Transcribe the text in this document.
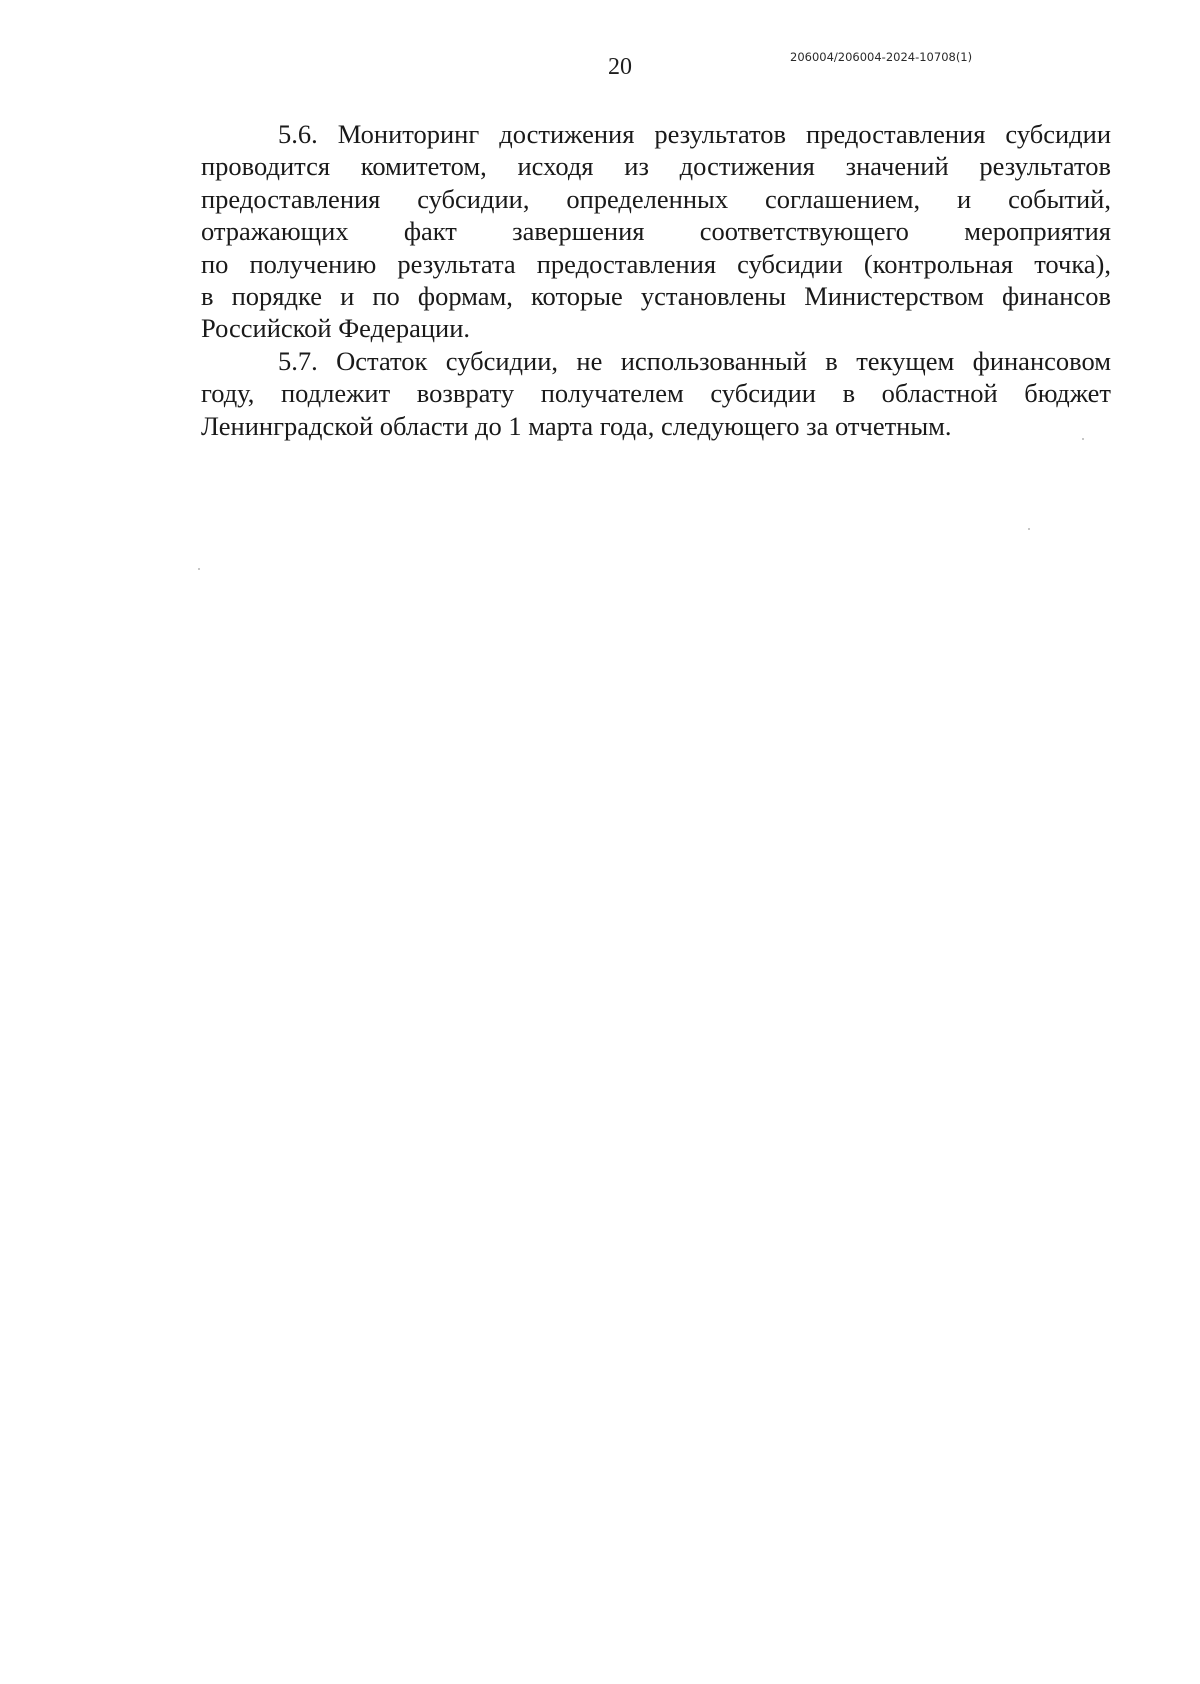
20	206004/206004-2024-10708(1)

5.6. Мониторинг достижения результатов предоставления субсидии
проводится комитетом, исходя из достижения значений результатов
предоставления субсидии, определенных соглашением, и событий,
отражающих факт завершения соответствующего мероприятия
по получению результата предоставления субсидии (контрольная точка),
в порядке и по формам, которые установлены Министерством финансов
Российской Федерации.

5.7. Остаток субсидии, не использованный в текущем финансовом
году, подлежит возврату получателем субсидии в областной бюджет
Ленинградской области до 1 марта года, следующего за отчетным.
